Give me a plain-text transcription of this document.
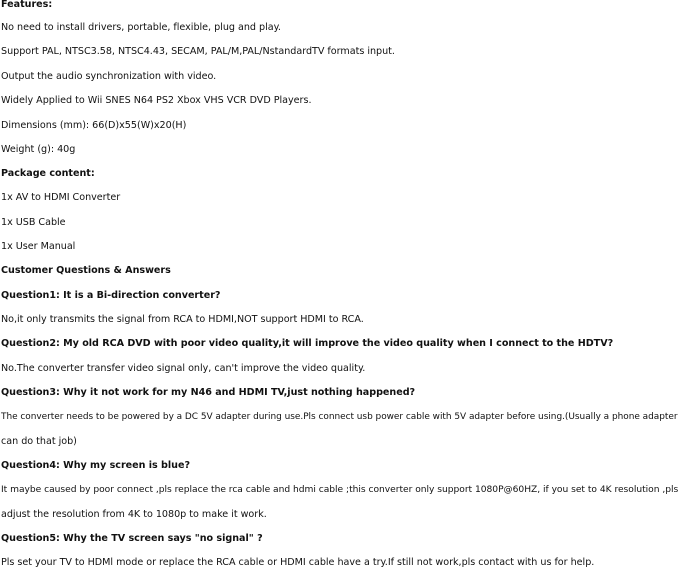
Features:
No need to install drivers, portable, flexible, plug and play.
Support PAL, NTSC3.58, NTSC4.43, SECAM, PAL/M,PAL/NstandardTV formats input.
Output the audio synchronization with video.
Widely Applied to Wii SNES N64 PS2 Xbox VHS VCR DVD Players.
Dimensions (mm): 66(D)x55(W)x20(H)
Weight (g): 40g
Package content:
1x AV to HDMI Converter
1x USB Cable
1x User Manual
Customer Questions & Answers
Question1: It is a Bi-direction converter?
No,it only transmits the signal from RCA to HDMI,NOT support HDMI to RCA.
Question2: My old RCA DVD with poor video quality,it will improve the video quality when I connect to the HDTV?
No.The converter transfer video signal only, can't improve the video quality.
Question3: Why it not work for my N46 and HDMI TV,just nothing happened?
The converter needs to be powered by a DC 5V adapter during use.Pls connect usb power cable with 5V adapter before using.(Usually a phone adapter
can do that job)
Question4: Why my screen is blue?
It maybe caused by poor connect ,pls replace the rca cable and hdmi cable ;this converter only support 1080P@60HZ, if you set to 4K resolution ,pls
adjust the resolution from 4K to 1080p to make it work.
Question5: Why the TV screen says "no signal" ?
Pls set your TV to HDMl mode or replace the RCA cable or HDMI cable have a try.If still not work,pls contact with us for help.
